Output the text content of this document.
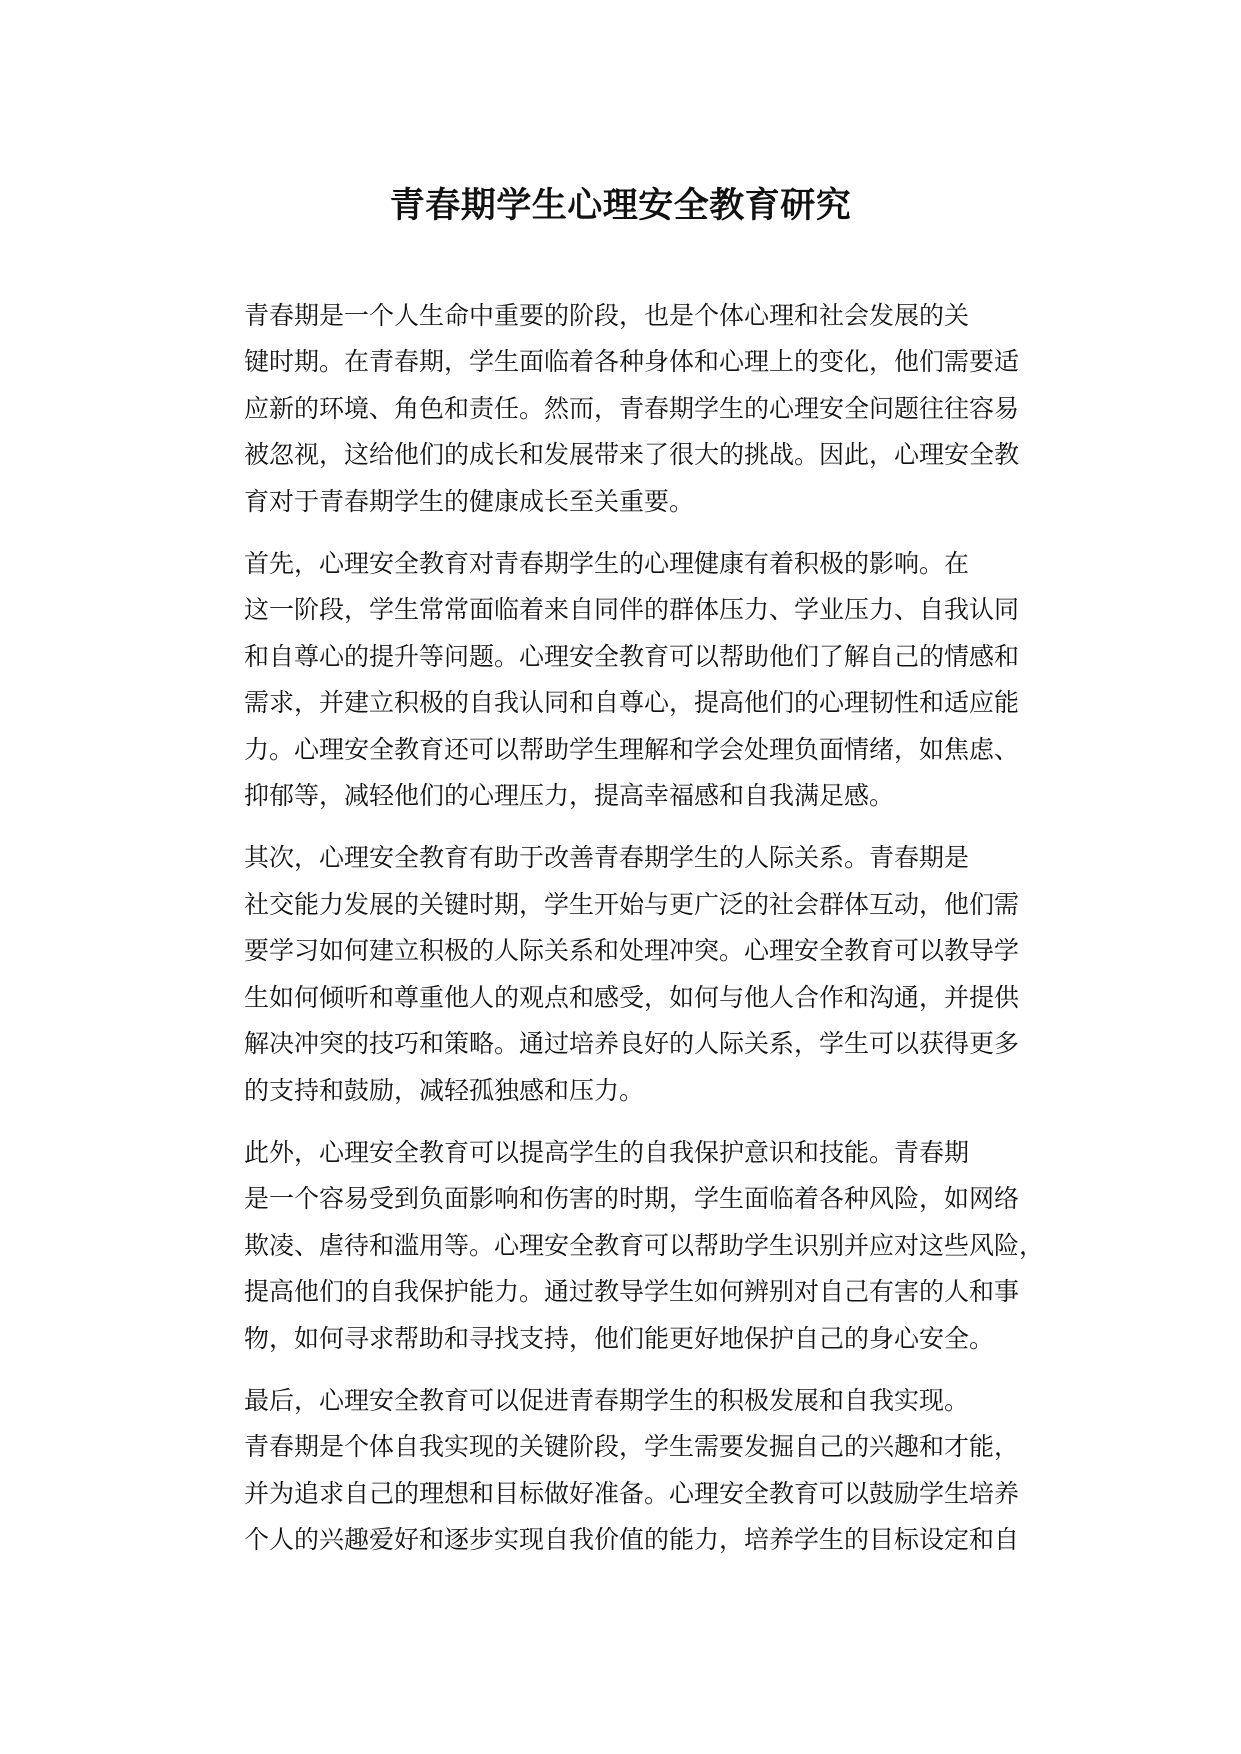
青春期学生心理安全教育研究

青春期是一个人生命中重要的阶段，也是个体心理和社会发展的关
键时期。在青春期，学生面临着各种身体和心理上的变化，他们需要适
应新的环境、角色和责任。然而，青春期学生的心理安全问题往往容易
被忽视，这给他们的成长和发展带来了很大的挑战。因此，心理安全教
育对于青春期学生的健康成长至关重要。

首先，心理安全教育对青春期学生的心理健康有着积极的影响。在
这一阶段，学生常常面临着来自同伴的群体压力、学业压力、自我认同
和自尊心的提升等问题。心理安全教育可以帮助他们了解自己的情感和
需求，并建立积极的自我认同和自尊心，提高他们的心理韧性和适应能
力。心理安全教育还可以帮助学生理解和学会处理负面情绪，如焦虑、
抑郁等，减轻他们的心理压力，提高幸福感和自我满足感。

其次，心理安全教育有助于改善青春期学生的人际关系。青春期是
社交能力发展的关键时期，学生开始与更广泛的社会群体互动，他们需
要学习如何建立积极的人际关系和处理冲突。心理安全教育可以教导学
生如何倾听和尊重他人的观点和感受，如何与他人合作和沟通，并提供
解决冲突的技巧和策略。通过培养良好的人际关系，学生可以获得更多
的支持和鼓励，减轻孤独感和压力。

此外，心理安全教育可以提高学生的自我保护意识和技能。青春期
是一个容易受到负面影响和伤害的时期，学生面临着各种风险，如网络
欺凌、虐待和滥用等。心理安全教育可以帮助学生识别并应对这些风险，
提高他们的自我保护能力。通过教导学生如何辨别对自己有害的人和事
物，如何寻求帮助和寻找支持，他们能更好地保护自己的身心安全。

最后，心理安全教育可以促进青春期学生的积极发展和自我实现。
青春期是个体自我实现的关键阶段，学生需要发掘自己的兴趣和才能，
并为追求自己的理想和目标做好准备。心理安全教育可以鼓励学生培养
个人的兴趣爱好和逐步实现自我价值的能力，培养学生的目标设定和自
